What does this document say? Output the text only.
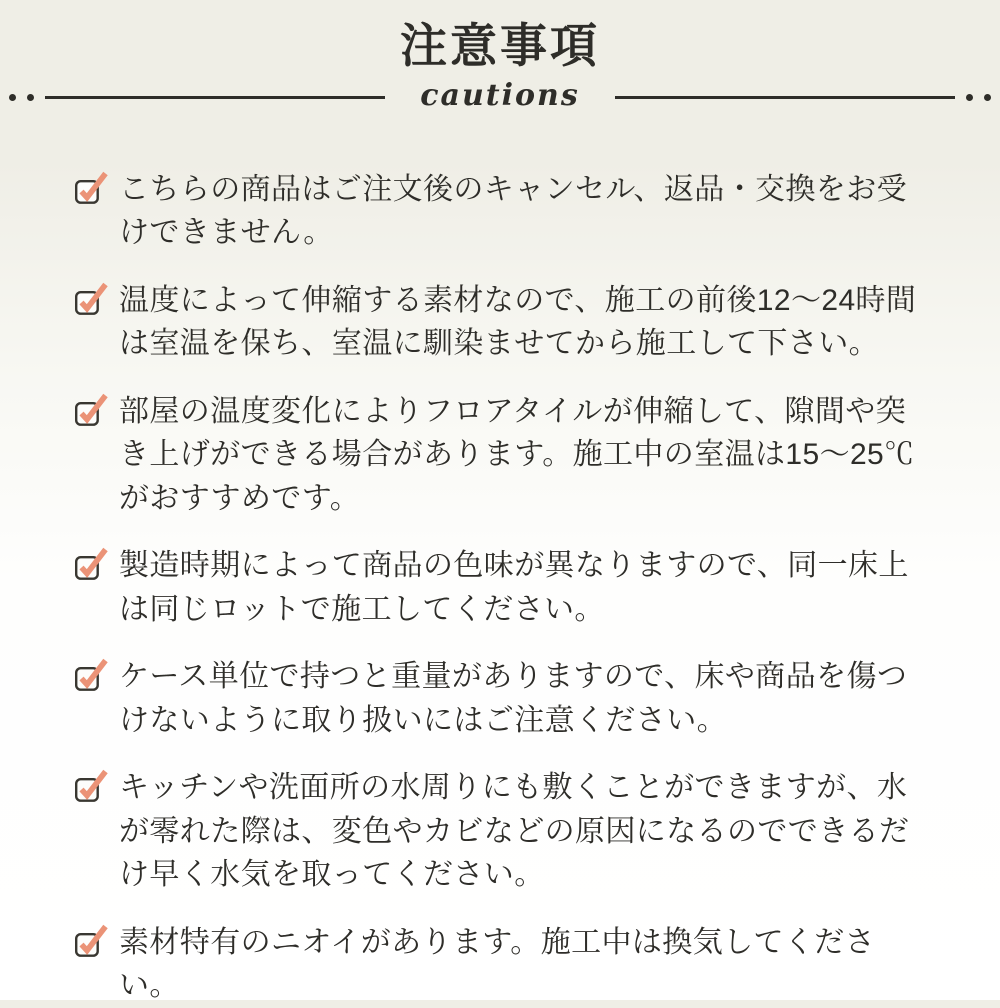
注意事項
cautions
こちらの商品はご注文後のキャンセル、返品・交換をお受けできません。
温度によって伸縮する素材なので、施工の前後12〜24時間は室温を保ち、室温に馴染ませてから施工して下さい。
部屋の温度変化によりフロアタイルが伸縮して、隙間や突き上げができる場合があります。施工中の室温は15〜25℃がおすすめです。
製造時期によって商品の色味が異なりますので、同一床上は同じロットで施工してください。
ケース単位で持つと重量がありますので、床や商品を傷つけないように取り扱いにはご注意ください。
キッチンや洗面所の水周りにも敷くことができますが、水が零れた際は、変色やカビなどの原因になるのでできるだけ早く水気を取ってください。
素材特有のニオイがあります。施工中は換気してください。
